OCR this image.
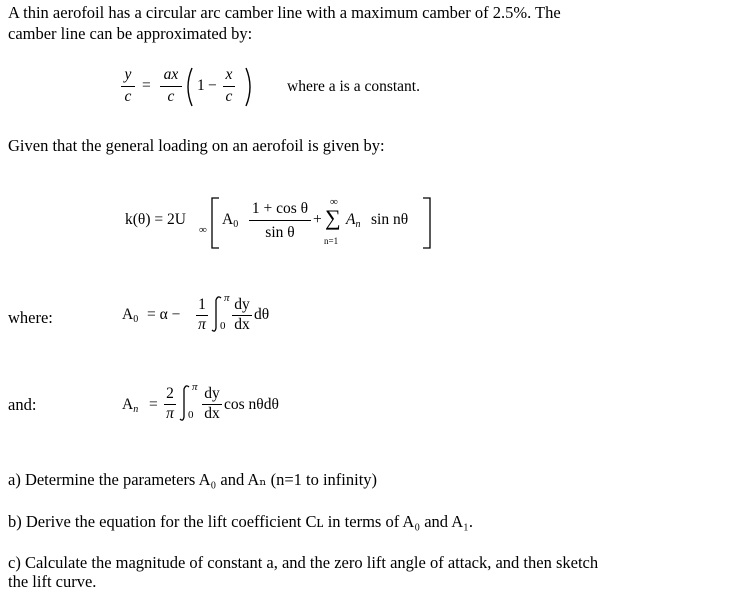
A thin aerofoil has a circular arc camber line with a maximum camber of 2.5%. The
camber line can be approximated by:
y
c
=
ax
c
1 −
x
c
where a is a constant.
Given that the general loading on an aerofoil is given by:
k(θ) = 2U
∞
$A_0$
1 + cos θ
sin θ
+
∞
∑
n=1
$A_n$ sin nθ
where:	$A_0 = \alpha$ −
1
π
π
0
dy
dx
dθ
and:	$A_n$ =
2
π
π
0
dy
dx
cos nθdθ
a) Determine the parameters A₀ and Aₙ (n=1 to infinity)
b) Derive the equation for the lift coefficient Cʟ in terms of A₀ and A₁.
c) Calculate the magnitude of constant a, and the zero lift angle of attack, and then sketch
the lift curve.
